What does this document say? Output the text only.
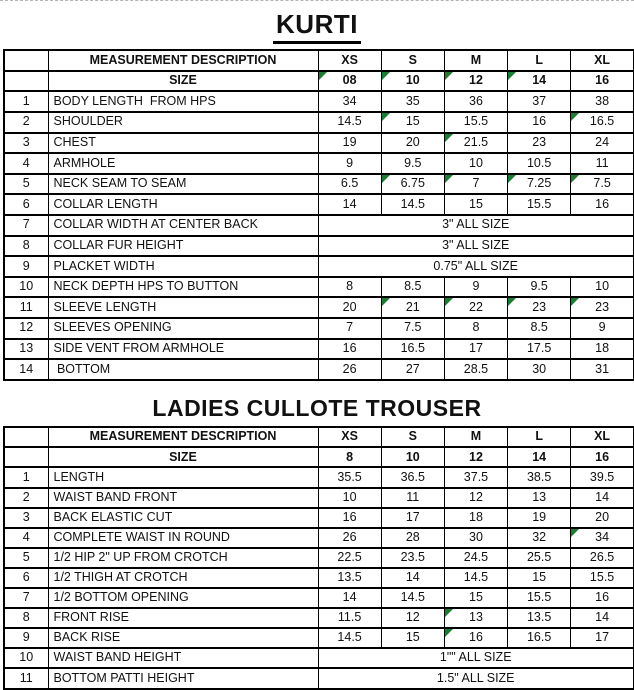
KURTI
	MEASUREMENT DESCRIPTION	XS	S	M	L	XL
	SIZE	08	10	12	14	16
1	BODY LENGTH  FROM HPS	34	35	36	37	38
2	SHOULDER	14.5	15	15.5	16	16.5

3	CHEST	19	20	21.5	23	24
4	ARMHOLE	9	9.5	10	10.5	11
5	NECK SEAM TO SEAM	6.5	6.75	7	7.25	7.5

6	COLLAR LENGTH	14	14.5	15	15.5	16
7	COLLAR WIDTH AT CENTER BACK	3" ALL SIZE				
8	COLLAR FUR HEIGHT	3" ALL SIZE				
9	PLACKET WIDTH	0.75" ALL SIZE				
10	NECK DEPTH HPS TO BUTTON	8	8.5	9	9.5	10
11	SLEEVE LENGTH	20	21	22	23	23

12	SLEEVES OPENING	7	7.5	8	8.5	9
13	SIDE VENT FROM ARMHOLE	16	16.5	17	17.5	18
14	BOTTOM	26	27	28.5	30	31
LADIES CULLOTE TROUSER
	MEASUREMENT DESCRIPTION	XS	S	M	L	XL
	SIZE	8	10	12	14	16
1	LENGTH	35.5	36.5	37.5	38.5	39.5
2	WAIST BAND FRONT	10	11	12	13	14
3	BACK ELASTIC CUT	16	17	18	19	20
4	COMPLETE WAIST IN ROUND	26	28	30	32	34

5	1/2 HIP 2" UP FROM CROTCH	22.5	23.5	24.5	25.5	26.5
6	1/2 THIGH AT CROTCH	13.5	14	14.5	15	15.5
7	1/2 BOTTOM OPENING	14	14.5	15	15.5	16
8	FRONT RISE	11.5	12	13	13.5	14
9	BACK RISE	14.5	15	16	16.5	17
10	WAIST BAND HEIGHT	1"" ALL SIZE				
11	BOTTOM PATTI HEIGHT	1.5" ALL SIZE				
